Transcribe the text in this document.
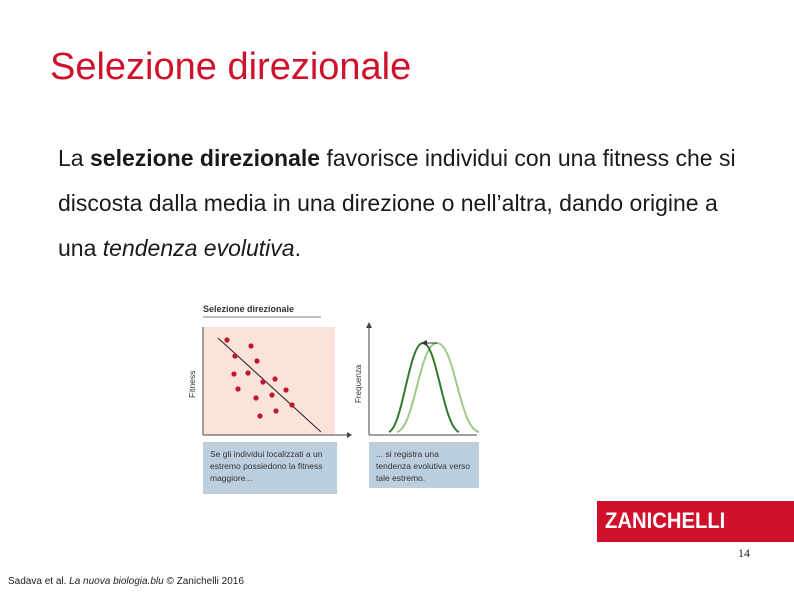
Selezione direzionale
La selezione direzionale favorisce individui con una fitness che si discosta dalla media in una direzione o nell’altra, dando origine a una tendenza evolutiva.
Selezione direzionale
Fitness	Frequenza
Se gli individui localizzati a un estremo possiedono la fitness maggiore...
... si registra una tendenza evolutiva verso tale estremo.
ZANICHELLI
14
Sadava et al. La nuova biologia.blu © Zanichelli 2016
